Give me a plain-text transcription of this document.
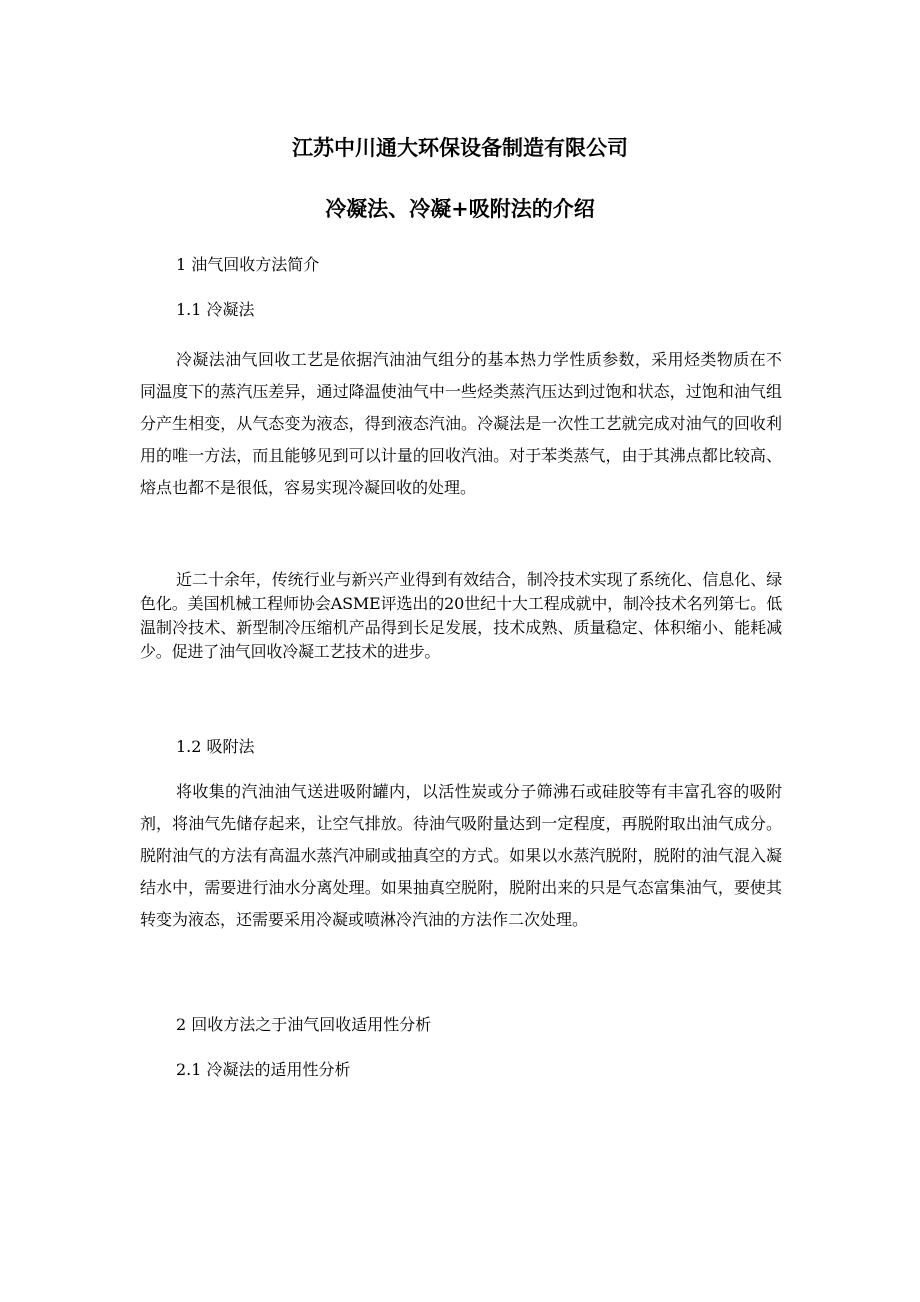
江苏中川通大环保设备制造有限公司
冷凝法、冷凝+吸附法的介绍
1 油气回收方法简介
1.1 冷凝法

冷凝法油气回收工艺是依据汽油油气组分的基本热力学性质参数，采用烃类物质在不同温度下的蒸汽压差异，通过降温使油气中一些烃类蒸汽压达到过饱和状态，过饱和油气组分产生相变，从气态变为液态，得到液态汽油。冷凝法是一次性工艺就完成对油气的回收利用的唯一方法，而且能够见到可以计量的回收汽油。对于苯类蒸气，由于其沸点都比较高、熔点也都不是很低，容易实现冷凝回收的处理。

近二十余年，传统行业与新兴产业得到有效结合，制冷技术实现了系统化、信息化、绿色化。美国机械工程师协会ASME评选出的20世纪十大工程成就中，制冷技术名列第七。低温制冷技术、新型制冷压缩机产品得到长足发展，技术成熟、质量稳定、体积缩小、能耗减少。促进了油气回收冷凝工艺技术的进步。

1.2 吸附法

将收集的汽油油气送进吸附罐内，以活性炭或分子筛沸石或硅胶等有丰富孔容的吸附剂，将油气先储存起来，让空气排放。待油气吸附量达到一定程度，再脱附取出油气成分。脱附油气的方法有高温水蒸汽冲刷或抽真空的方式。如果以水蒸汽脱附，脱附的油气混入凝结水中，需要进行油水分离处理。如果抽真空脱附，脱附出来的只是气态富集油气，要使其转变为液态，还需要采用冷凝或喷淋冷汽油的方法作二次处理。

2 回收方法之于油气回收适用性分析
2.1 冷凝法的适用性分析
